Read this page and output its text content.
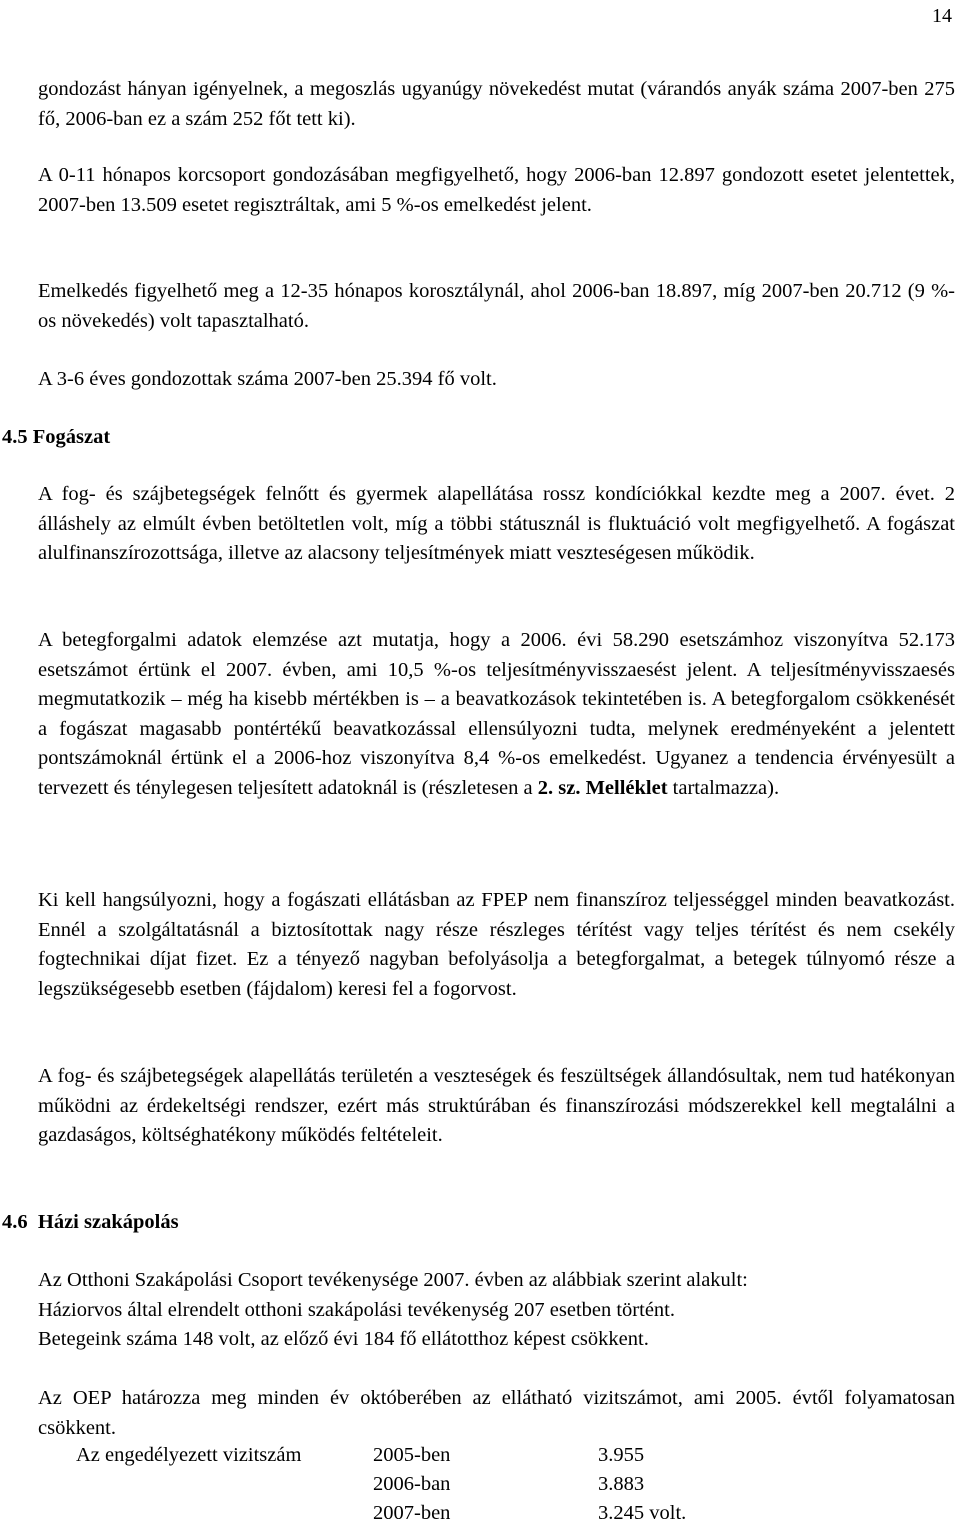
14

gondozást hányan igényelnek, a megoszlás ugyanúgy növekedést mutat (várandós anyák száma 2007-ben 275 fő, 2006-ban ez a szám 252 főt tett ki).

A 0-11 hónapos korcsoport gondozásában megfigyelhető, hogy 2006-ban 12.897 gondozott esetet jelentettek, 2007-ben 13.509 esetet regisztráltak, ami 5 %-os emelkedést jelent.

Emelkedés figyelhető meg a 12-35 hónapos korosztálynál, ahol 2006-ban 18.897, míg 2007-ben 20.712 (9 %-os növekedés) volt tapasztalható.

A 3-6 éves gondozottak száma 2007-ben 25.394 fő volt.

4.5 Fogászat

A fog- és szájbetegségek felnőtt és gyermek alapellátása rossz kondíciókkal kezdte meg a 2007. évet. 2 álláshely az elmúlt évben betöltetlen volt, míg a többi státusznál is fluktuáció volt megfigyelhető. A fogászat alulfinanszírozottsága, illetve az alacsony teljesítmények miatt veszteségesen működik.

A betegforgalmi adatok elemzése azt mutatja, hogy a 2006. évi 58.290 esetszámhoz viszonyítva 52.173 esetszámot értünk el 2007. évben, ami 10,5 %-os teljesítményvisszaesést jelent. A teljesítményvisszaesés megmutatkozik – még ha kisebb mértékben is – a beavatkozások tekintetében is. A betegforgalom csökkenését a fogászat magasabb pontértékű beavatkozással ellensúlyozni tudta, melynek eredményeként a jelentett pontszámoknál értünk el a 2006-hoz viszonyítva 8,4 %-os emelkedést. Ugyanez a tendencia érvényesült a tervezett és ténylegesen teljesített adatoknál is (részletesen a 2. sz. Melléklet tartalmazza).

Ki kell hangsúlyozni, hogy a fogászati ellátásban az FPEP nem finanszíroz teljességgel minden beavatkozást. Ennél a szolgáltatásnál a biztosítottak nagy része részleges térítést vagy teljes térítést és nem csekély fogtechnikai díjat fizet. Ez a tényező nagyban befolyásolja a betegforgalmat, a betegek túlnyomó része a legszükségesebb esetben (fájdalom) keresi fel a fogorvost.

A fog- és szájbetegségek alapellátás területén a veszteségek és feszültségek állandósultak, nem tud hatékonyan működni az érdekeltségi rendszer, ezért más struktúrában és finanszírozási módszerekkel kell megtalálni a gazdaságos, költséghatékony működés feltételeit.

4.6 Házi szakápolás
Az Otthoni Szakápolási Csoport tevékenysége 2007. évben az alábbiak szerint alakult:
Háziorvos által elrendelt otthoni szakápolási tevékenység 207 esetben történt.
Betegeink száma 148 volt, az előző évi 184 fő ellátotthoz képest csökkent.

Az OEP határozza meg minden év októberében az ellátható vizitszámot, ami 2005. évtől folyamatosan csökkent.

Az engedélyezett vizitszám	2005-ben	3.955
2006-ban	3.883
2007-ben	3.245 volt.
